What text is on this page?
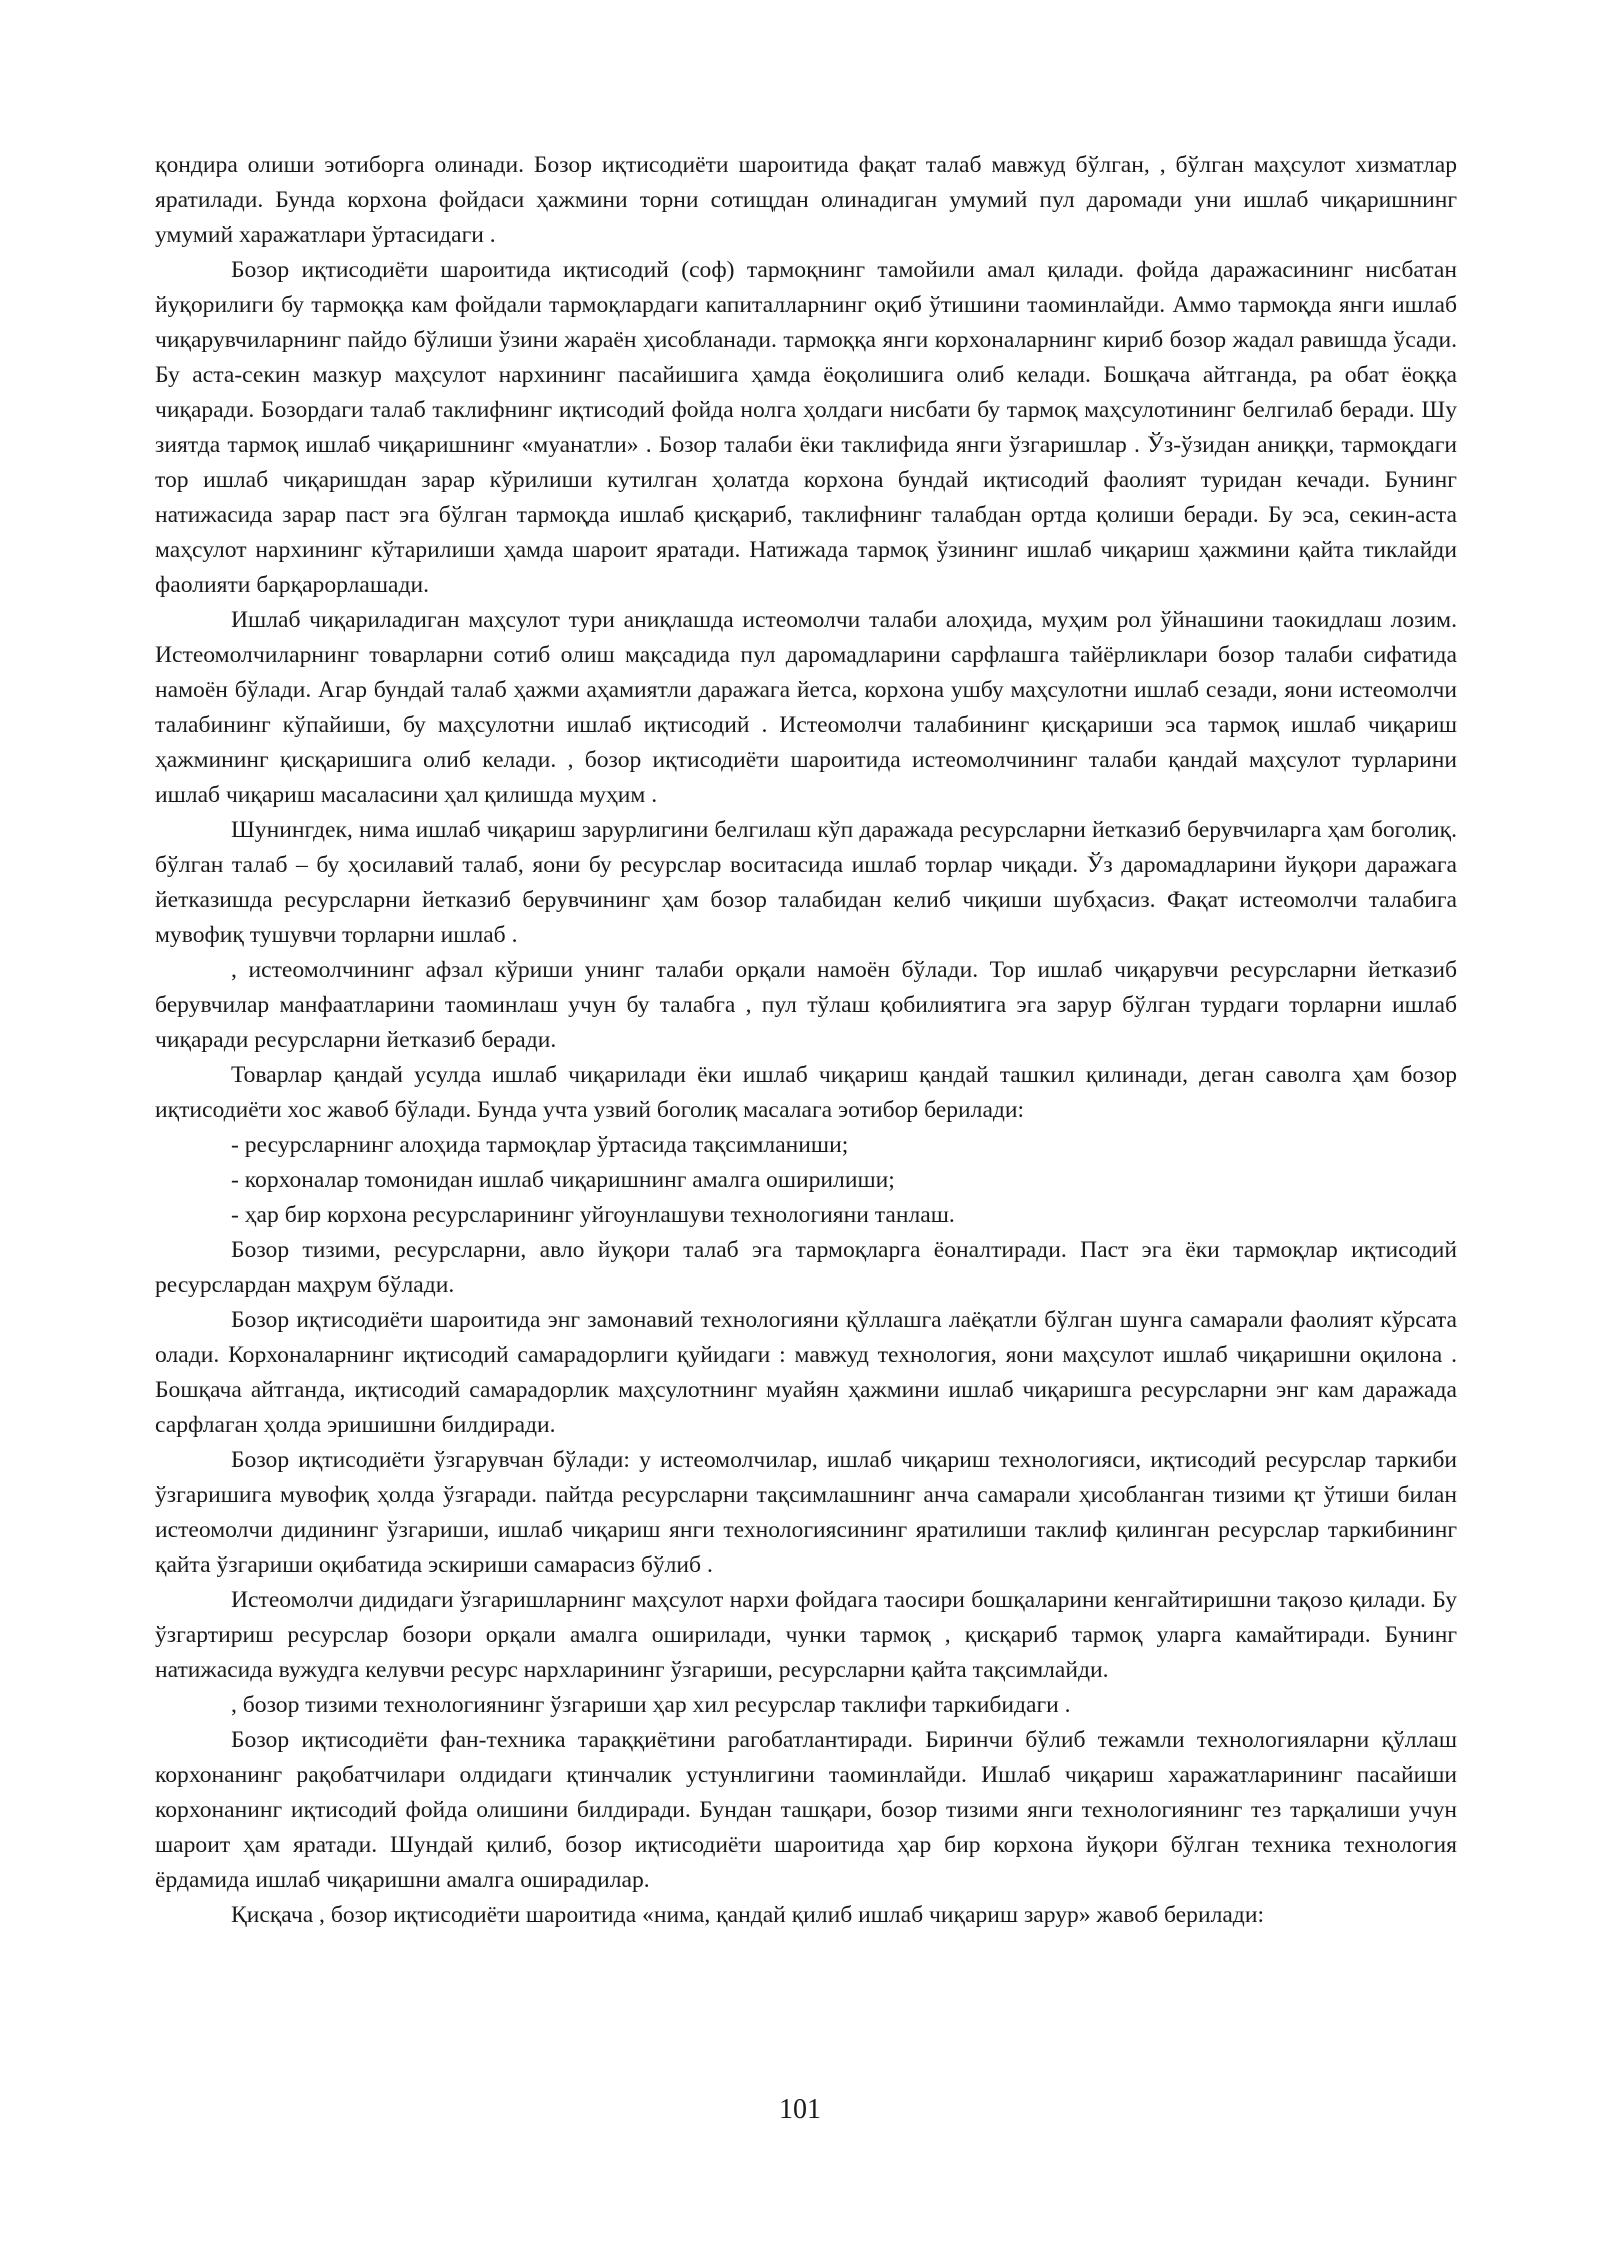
қондира олиши эотиборга олинади. Бозор иқтисодиёти шароитида фақат талаб мавжуд бўлган, , бўлган маҳсулот хизматлар яратилади. Бунда корхона фойдаси ҳажмини торни сотищдан олинадиган умумий пул даромади уни ишлаб чиқаришнинг умумий харажатлари ўртасидаги .

Бозор иқтисодиёти шароитида иқтисодий (соф) тармоқнинг тамойили амал қилади. фойда даражасининг нисбатан йуқорилиги бу тармоққа кам фойдали тармоқлардаги капиталларнинг оқиб ўтишини таоминлайди. Аммо тармоқда янги ишлаб чиқарувчиларнинг пайдо бўлиши ўзини жараён ҳисобланади. тармоққа янги корхоналарнинг кириб бозор жадал равишда ўсади. Бу аста-секин мазкур маҳсулот нархининг пасайишига ҳамда ёоқолишига олиб келади. Бошқача айтганда, ра обат ёоққа чиқаради. Бозордаги талаб таклифнинг иқтисодий фойда нолга ҳолдаги нисбати бу тармоқ маҳсулотининг белгилаб беради. Шу зиятда тармоқ ишлаб чиқаришнинг «муанатли» . Бозор талаби ёки таклифида янги ўзгаришлар . Ўз-ўзидан аниққи, тармоқдаги тор ишлаб чиқаришдан зарар кўрилиши кутилган ҳолатда корхона бундай иқтисодий фаолият туридан кечади. Бунинг натижасида зарар паст эга бўлган тармоқда ишлаб қисқариб, таклифнинг талабдан ортда қолиши беради. Бу эса, секин-аста маҳсулот нархининг кўтарилиши ҳамда шароит яратади. Натижада тармоқ ўзининг ишлаб чиқариш ҳажмини қайта тиклайди фаолияти барқарорлашади.

Ишлаб чиқариладиган маҳсулот тури аниқлашда истеомолчи талаби алоҳида, муҳим рол ўйнашини таокидлаш лозим. Истеомолчиларнинг товарларни сотиб олиш мақсадида пул даромадларини сарфлашга тайёрликлари бозор талаби сифатида намоён бўлади. Агар бундай талаб ҳажми аҳамиятли даражага йетса, корхона ушбу маҳсулотни ишлаб сезади, яони истеомолчи талабининг кўпайиши, бу маҳсулотни ишлаб иқтисодий . Истеомолчи талабининг қисқариши эса тармоқ ишлаб чиқариш ҳажмининг қисқаришига олиб келади. , бозор иқтисодиёти шароитида истеомолчининг талаби қандай маҳсулот турларини ишлаб чиқариш масаласини ҳал қилишда муҳим .

Шунингдек, нима ишлаб чиқариш зарурлигини белгилаш кўп даражада ресурсларни йетказиб берувчиларга ҳам боголиқ. бўлган талаб – бу ҳосилавий талаб, яони бу ресурслар воситасида ишлаб торлар чиқади. Ўз даромадларини йуқори даражага йетказишда ресурсларни йетказиб берувчининг ҳам бозор талабидан келиб чиқиши шубҳасиз. Фақат истеомолчи талабига мувофиқ тушувчи торларни ишлаб .

, истеомолчининг афзал кўриши унинг талаби орқали намоён бўлади. Тор ишлаб чиқарувчи ресурсларни йетказиб берувчилар манфаатларини таоминлаш учун бу талабга , пул тўлаш қобилиятига эга зарур бўлган турдаги торларни ишлаб чиқаради ресурсларни йетказиб беради.

Товарлар қандай усулда ишлаб чиқарилади ёки ишлаб чиқариш қандай ташкил қилинади, деган саволга ҳам бозор иқтисодиёти хос жавоб бўлади. Бунда учта узвий боголиқ масалага эотибор берилади:

- ресурсларнинг алоҳида тармоқлар ўртасида тақсимланиши;

- корхоналар томонидан ишлаб чиқаришнинг амалга оширилиши;

- ҳар бир корхона ресурсларининг уйгоунлашуви технологияни танлаш.

Бозор тизими, ресурсларни, авло йуқори талаб эга тармоқларга ёоналтиради. Паст эга ёки тармоқлар иқтисодий ресурслардан маҳрум бўлади.

Бозор иқтисодиёти шароитида энг замонавий технологияни қўллашга лаёқатли бўлган шунга самарали фаолият кўрсата олади. Корхоналарнинг иқтисодий самарадорлиги қуйидаги : мавжуд технология, яони маҳсулот ишлаб чиқаришни оқилона . Бошқача айтганда, иқтисодий самарадорлик маҳсулотнинг муайян ҳажмини ишлаб чиқаришга ресурсларни энг кам даражада сарфлаган ҳолда эришишни билдиради.

Бозор иқтисодиёти ўзгарувчан бўлади: у истеомолчилар, ишлаб чиқариш технологияси, иқтисодий ресурслар таркиби ўзгаришига мувофиқ ҳолда ўзгаради. пайтда ресурсларни тақсимлашнинг анча самарали ҳисобланган тизими қт ўтиши билан истеомолчи дидининг ўзгариши, ишлаб чиқариш янги технологиясининг яратилиши таклиф қилинган ресурслар таркибининг қайта ўзгариши оқибатида эскириши самарасиз бўлиб .

Истеомолчи дидидаги ўзгаришларнинг маҳсулот нархи фойдага таосири бошқаларини кенгайтиришни тақозо қилади. Бу ўзгартириш ресурслар бозори орқали амалга оширилади, чунки тармоқ , қисқариб тармоқ уларга камайтиради. Бунинг натижасида вужудга келувчи ресурс нархларининг ўзгариши, ресурсларни қайта тақсимлайди.

, бозор тизими технологиянинг ўзгариши ҳар хил ресурслар таклифи таркибидаги .

Бозор иқтисодиёти фан-техника тараққиётини рагобатлантиради. Биринчи бўлиб тежамли технологияларни қўллаш корхонанинг рақобатчилари олдидаги қтинчалик устунлигини таоминлайди. Ишлаб чиқариш харажатларининг пасайиши корхонанинг иқтисодий фойда олишини билдиради. Бундан ташқари, бозор тизими янги технологиянинг тез тарқалиши учун шароит ҳам яратади. Шундай қилиб, бозор иқтисодиёти шароитида ҳар бир корхона йуқори бўлган техника технология ёрдамида ишлаб чиқаришни амалга оширадилар.

Қисқача , бозор иқтисодиёти шароитида «нима, қандай қилиб ишлаб чиқариш зарур» жавоб берилади:

101
